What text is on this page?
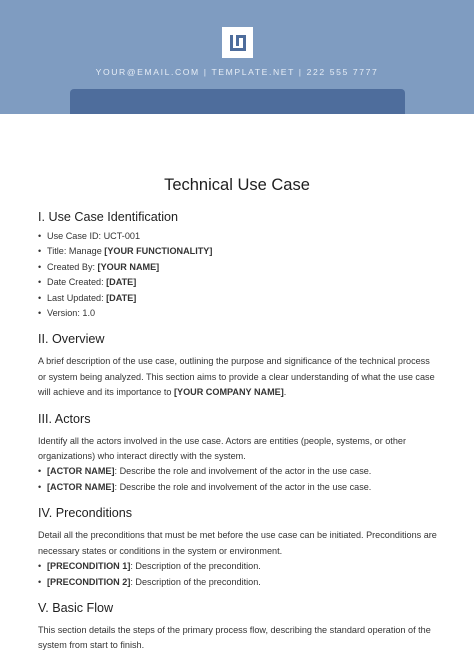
YOUR@EMAIL.COM | TEMPLATE.NET | 222 555 7777
Technical Use Case
I. Use Case Identification
• Use Case ID: UCT-001
• Title: Manage [YOUR FUNCTIONALITY]
• Created By: [YOUR NAME]
• Date Created: [DATE]
• Last Updated: [DATE]
• Version: 1.0
II. Overview

A brief description of the use case, outlining the purpose and significance of the technical process or system being analyzed. This section aims to provide a clear understanding of what the use case will achieve and its importance to [YOUR COMPANY NAME].

III. Actors

Identify all the actors involved in the use case. Actors are entities (people, systems, or other organizations) who interact directly with the system.

• [ACTOR NAME]: Describe the role and involvement of the actor in the use case.
• [ACTOR NAME]: Describe the role and involvement of the actor in the use case.
IV. Preconditions

Detail all the preconditions that must be met before the use case can be initiated. Preconditions are necessary states or conditions in the system or environment.

• [PRECONDITION 1]: Description of the precondition.
• [PRECONDITION 2]: Description of the precondition.
V. Basic Flow

This section details the steps of the primary process flow, describing the standard operation of the system from start to finish.
